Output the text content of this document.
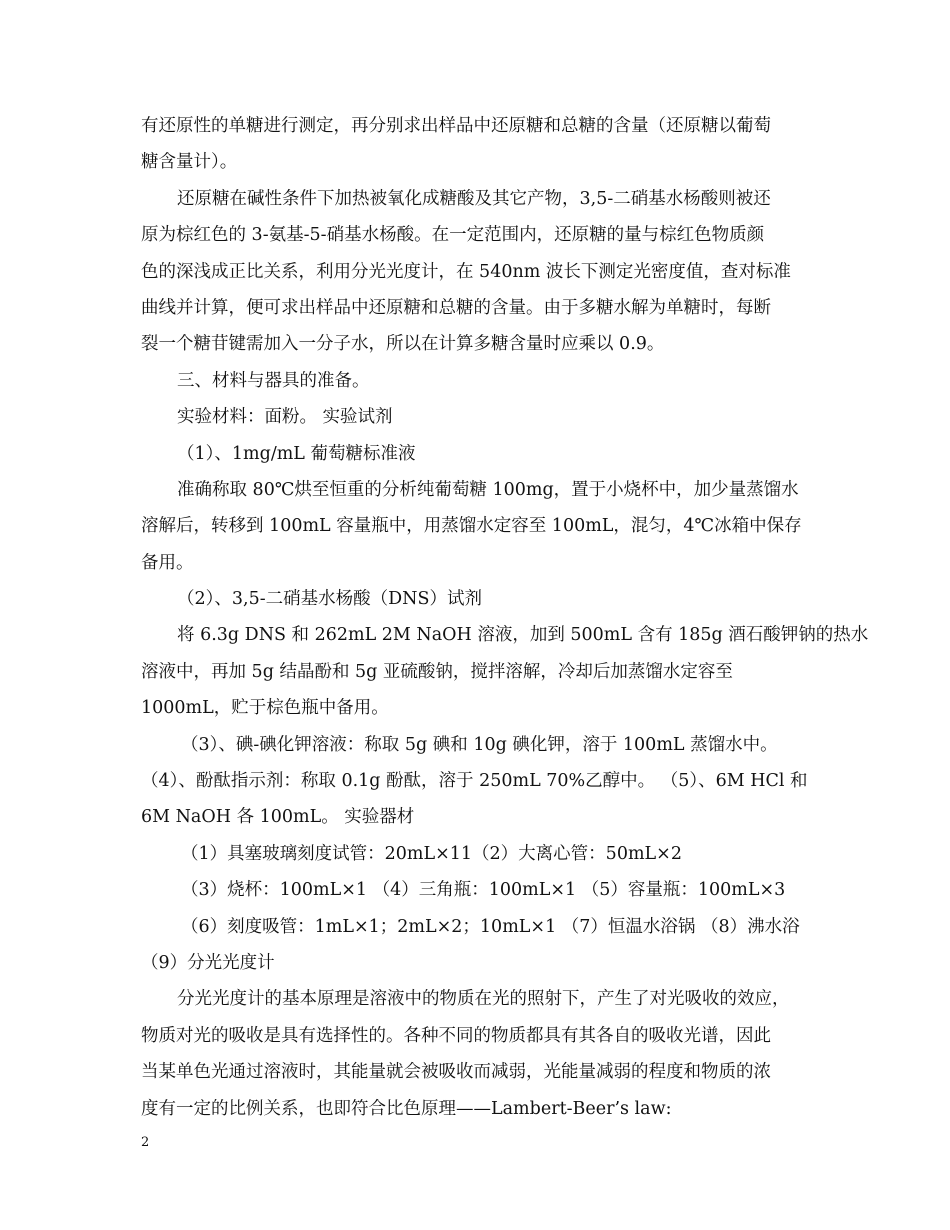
有还原性的单糖进行测定，再分别求出样品中还原糖和总糖的含量（还原糖以葡萄
糖含量计）。
还原糖在碱性条件下加热被氧化成糖酸及其它产物，3,5-二硝基水杨酸则被还
原为棕红色的 3-氨基-5-硝基水杨酸。在一定范围内，还原糖的量与棕红色物质颜
色的深浅成正比关系，利用分光光度计，在 540nm 波长下测定光密度值，查对标准
曲线并计算，便可求出样品中还原糖和总糖的含量。由于多糖水解为单糖时，每断
裂一个糖苷键需加入一分子水，所以在计算多糖含量时应乘以 0.9。
三、材料与器具的准备。
实验材料：面粉。 实验试剂
（1）、1mg/mL 葡萄糖标准液
准确称取 80℃烘至恒重的分析纯葡萄糖 100mg，置于小烧杯中，加少量蒸馏水
溶解后，转移到 100mL 容量瓶中，用蒸馏水定容至 100mL，混匀，4℃冰箱中保存
备用。
（2）、3,5-二硝基水杨酸（DNS）试剂
将 6.3g DNS 和 262mL 2M NaOH 溶液，加到 500mL 含有 185g 酒石酸钾钠的热水
溶液中，再加 5g 结晶酚和 5g 亚硫酸钠，搅拌溶解，冷却后加蒸馏水定容至
1000mL，贮于棕色瓶中备用。
（3）、碘-碘化钾溶液：称取 5g 碘和 10g 碘化钾，溶于 100mL 蒸馏水中。
（4）、酚酞指示剂：称取 0.1g 酚酞，溶于 250mL 70%乙醇中。 （5）、6M HCl 和
6M NaOH 各 100mL。 实验器材
（1）具塞玻璃刻度试管：20mL×11（2）大离心管：50mL×2
（3）烧杯：100mL×1 （4）三角瓶：100mL×1 （5）容量瓶：100mL×3
（6）刻度吸管：1mL×1；2mL×2；10mL×1 （7）恒温水浴锅 （8）沸水浴
（9）分光光度计
分光光度计的基本原理是溶液中的物质在光的照射下，产生了对光吸收的效应，
物质对光的吸收是具有选择性的。各种不同的物质都具有其各自的吸收光谱，因此
当某单色光通过溶液时，其能量就会被吸收而减弱，光能量减弱的程度和物质的浓
度有一定的比例关系，也即符合比色原理——Lambert-Beer’s law:
2
